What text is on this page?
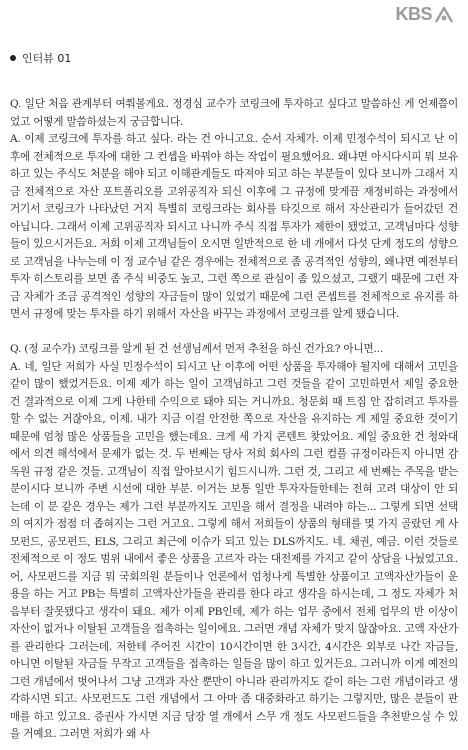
KBS
인터뷰 01

Q. 일단 처음 관계부터 여쭤볼게요. 정경심 교수가 코링크에 투자하고 싶다고 말씀하신 게 언제쯤이었고 어떻게 말씀하셨는지 궁금합니다.

A. 이제 코링크에 투자를 하고 싶다. 라는 건 아니고요. 순서 자체가. 이제 민정수석이 되시고 난 이후에 전체적으로 투자에 대한 그 컨셉을 바꿔야 하는 작업이 필요했어요. 왜냐면 아시다시피 뭐 보유하고 있는 주식도 처분을 해야 되고 이해관계들도 따져야 되고 하는 부분들이 있다 보니까 그래서 지금 전체적으로 자산 포트폴리오를 고위공직자 되신 이후에 그 규정에 맞게끔 재정비하는 과정에서 거기서 코링크가 나타났던 거지 특별히 코링크라는 회사를 타깃으로 해서 자산관리가 들어갔던 건 아닙니다. 그래서 이제 고위공직자 되시고 나니까 주식 직접 투자가 제한이 됐었고, 고객님마다 성향들이 있으시거든요. 저희 이제 고객님들이 오시면 일반적으로 한 네 개에서 다섯 단계 정도의 성향으로 고객님을 나누는데 이 정 교수님 같은 경우에는 전체적으로 좀 공격적인 성향의, 왜냐면 예전부터 투자 히스토리를 보면 좀 주식 비중도 높고, 그런 쪽으로 관심이 좀 있으셨고, 그랬기 때문에 그런 자금 자체가 조금 공격적인 성향의 자금들이 많이 있었기 때문에 그런 콘셉트를 전체적으로 유지를 하면서 규정에 맞는 투자를 하기 위해서 자산을 바꾸는 과정에서 코링크를 알게 됐습니다.

Q. (정 교수가) 코링크를 알게 된 건 선생님께서 먼저 추천을 하신 건가요? 아니면...

A. 네, 일단 저희가 사실 민정수석이 되시고 난 이후에 어떤 상품을 투자해야 될지에 대해서 고민을 같이 많이 했었거든요. 이제 제가 하는 일이 고객님하고 그런 것들을 같이 고민하면서 제일 중요한 건 결과적으로 이제 그게 나한테 수익으로 돼야 되는 거니까요. 청문회 때 트집 안 잡히려고 투자를 할 수 없는 거잖아요, 이제. 내가 지금 이걸 안전한 쪽으로 자산을 유지하는 게 제일 중요한 것이기 때문에 엄청 많은 상품들을 고민을 했는데요. 크게 세 가지 콘텐트 찾았어요. 제일 중요한 건 청와대에서 의견 해석에서 문제가 없는 것. 두 번째는 당사 저희 회사의 그런 컴플 규정이라든지 아니면 감독원 규정 같은 것들. 고객님이 직접 알아보시기 힘드시니까. 그런 것, 그리고 세 번째는 주목을 받는 분이시다 보니까 주변 시선에 대한 부분. 이거는 보통 일반 투자자들한테는 전혀 고려 대상이 안 되는데 이 분 같은 경우는 제가 그런 부분까지도 고민을 해서 결정을 내려야 하는... 그렇게 되면 선택의 여지가 점점 더 좁혀지는 그런 거고요. 그렇게 해서 저희들이 상품의 형태를 몇 가지 골랐던 게 사모펀드, 공모펀드, ELS, 그리고 최근에 이슈가 되고 있는 DLS까지도. 네. 채권, 예금. 이런 것들로 전체적으로 이 정도 범위 내에서 좋은 상품을 고르자 라는 대전제를 가지고 같이 상담을 나눴었고요. 어, 사모펀드를 지금 뭐 국회의원 분들이나 언론에서 엄청나게 특별한 상품이고 고액자산가들이 운용을 하는 거고 PB는 특별히 고액자산가들을 관리를 한다 라고 생각을 하시는데, 그 정도 자체가 처음부터 잘못됐다고 생각이 돼요. 제가 이제 PB인데, 제가 하는 업무 중에서 전체 업무의 반 이상이 자산이 없거나 이탈된 고객들을 접촉하는 일이에요. 그러면 개념 자체가 맞지 않잖아요. 고액 자산가를 관리한다 그러는데. 저한테 주어진 시간이 10시간이면 한 3시간, 4시간은 외부로 나간 자금들, 아니면 이탈된 자금들 무작고 고객들을 접촉하는 일들을 많이 하고 있거든요. 그러니까 이게 예전의 그런 개념에서 벗어나서 그냥 고객과 자산 뿐만이 아니라 관리까지도 같이 하는 그런 개념이라고 생각하시면 되고. 사모펀드도 그런 개념에서 그 아마 좀 대중화라고 하기는 그렇지만, 많은 분들이 판매를 하고 있고요. 증권사 가시면 지금 당장 열 개에서 스무 개 정도 사모펀드들을 추천받으실 수 있을 거예요. 그러면 저희가 왜 사
